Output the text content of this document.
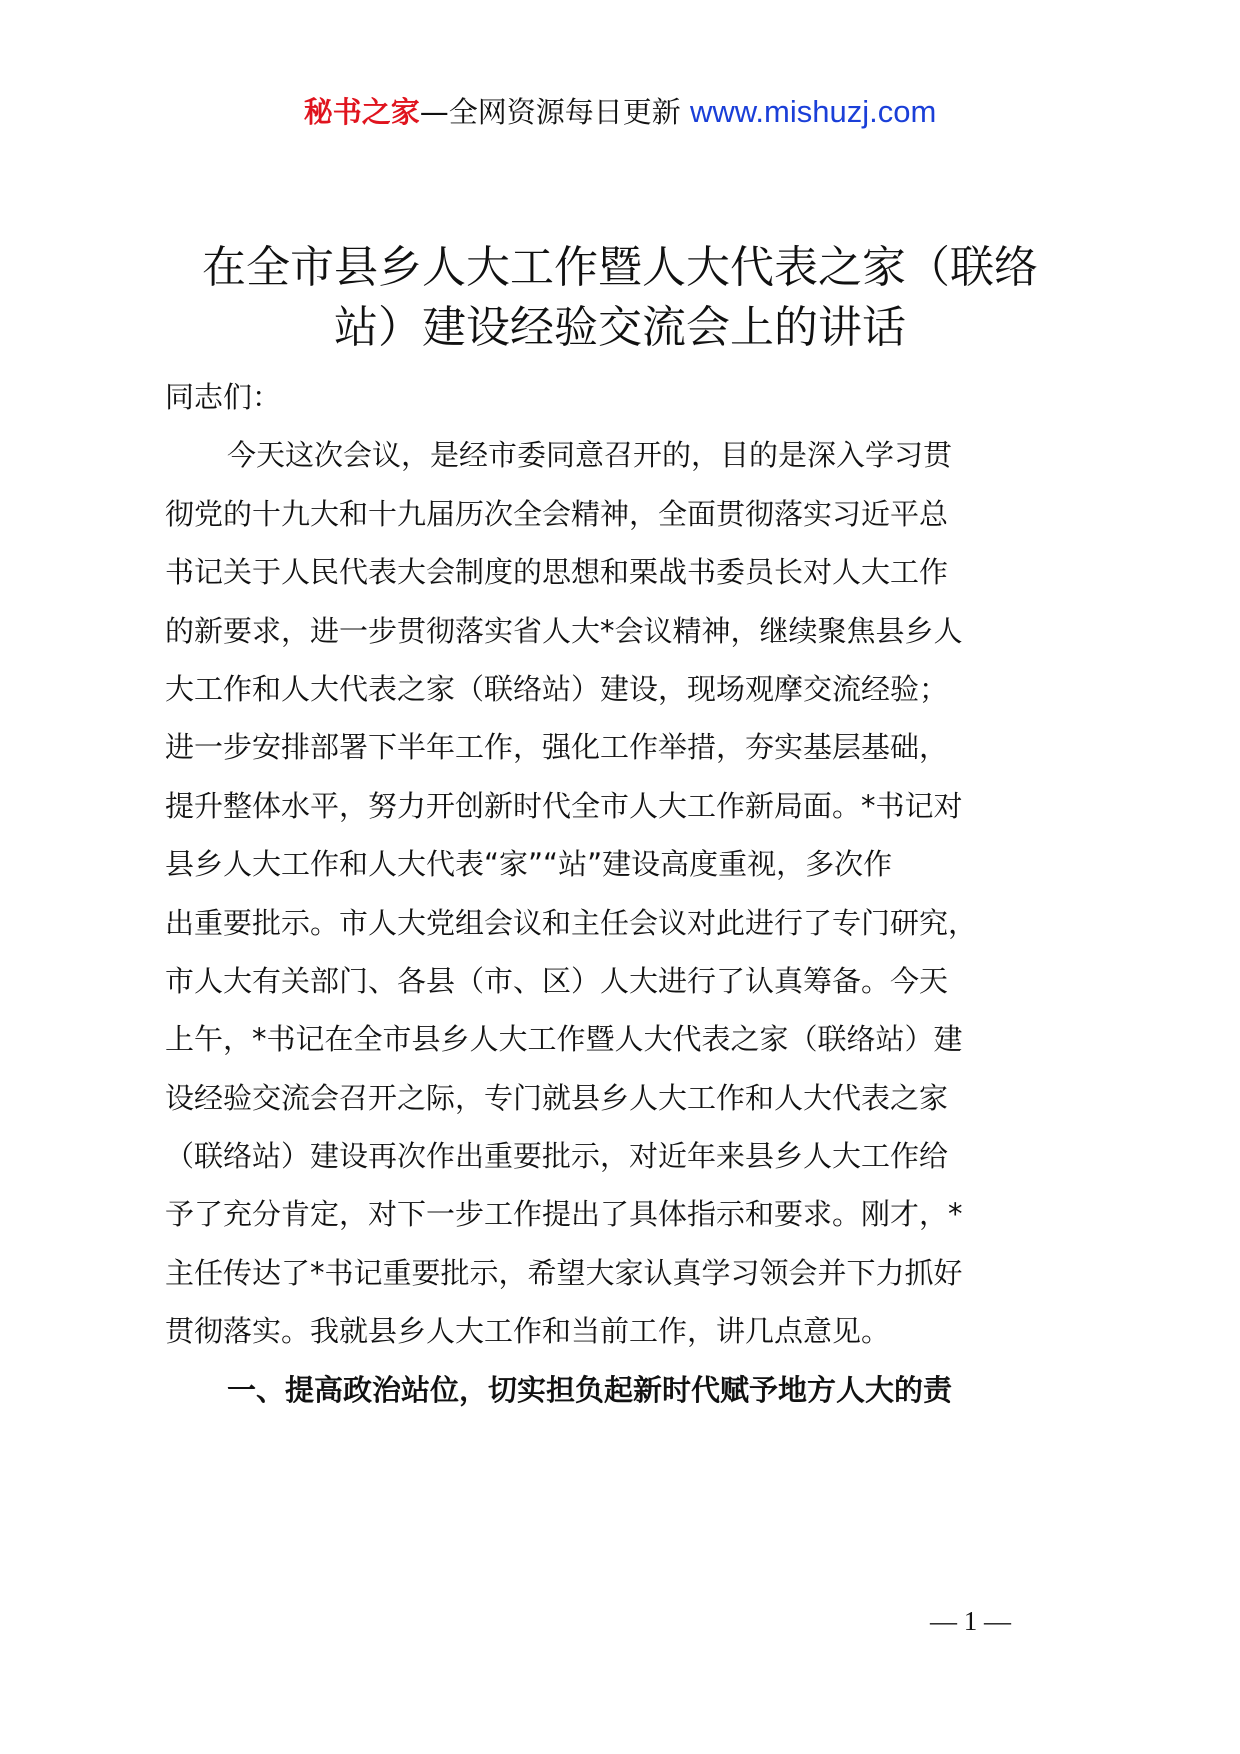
秘书之家—全网资源每日更新 www.mishuzj.com
在全市县乡人大工作暨人大代表之家（联络
站）建设经验交流会上的讲话
同志们：
今天这次会议，是经市委同意召开的，目的是深入学习贯
彻党的十九大和十九届历次全会精神，全面贯彻落实习近平总
书记关于人民代表大会制度的思想和栗战书委员长对人大工作
的新要求，进一步贯彻落实省人大*会议精神，继续聚焦县乡人
大工作和人大代表之家（联络站）建设，现场观摩交流经验；
进一步安排部署下半年工作，强化工作举措，夯实基层基础，
提升整体水平，努力开创新时代全市人大工作新局面。*书记对
县乡人大工作和人大代表“家”“站”建设高度重视，多次作
出重要批示。市人大党组会议和主任会议对此进行了专门研究，
市人大有关部门、各县（市、区）人大进行了认真筹备。今天
上午，*书记在全市县乡人大工作暨人大代表之家（联络站）建
设经验交流会召开之际，专门就县乡人大工作和人大代表之家
（联络站）建设再次作出重要批示，对近年来县乡人大工作给
予了充分肯定，对下一步工作提出了具体指示和要求。刚才，*
主任传达了*书记重要批示，希望大家认真学习领会并下力抓好
贯彻落实。我就县乡人大工作和当前工作，讲几点意见。
一、提高政治站位，切实担负起新时代赋予地方人大的责
— 1 —
